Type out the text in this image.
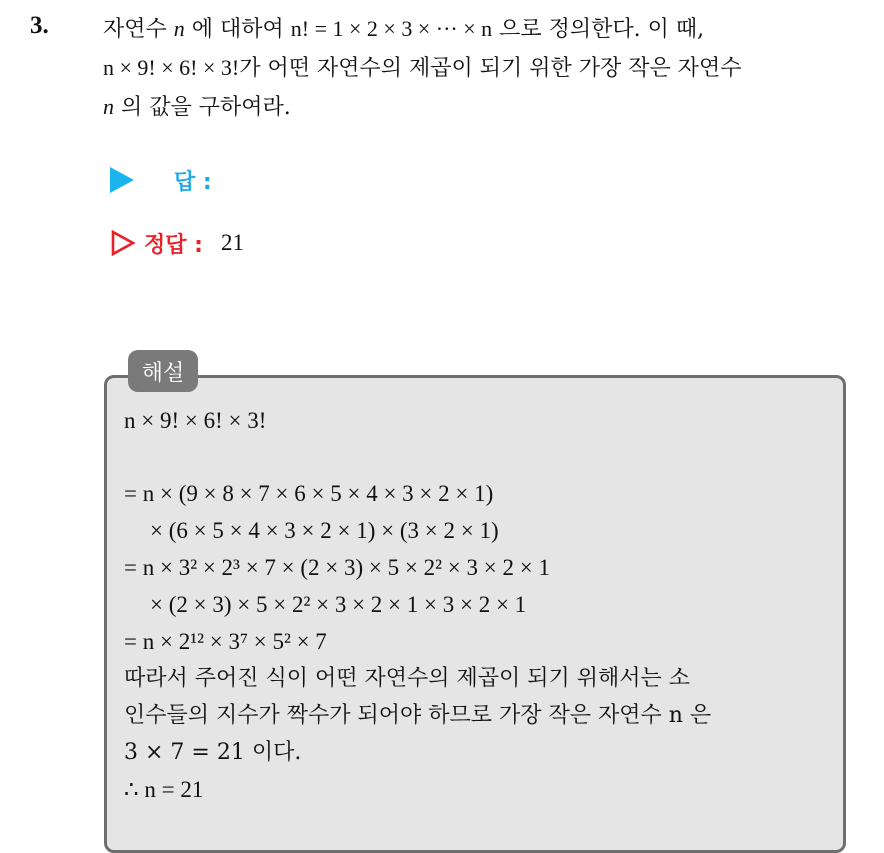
3. 자연수 n 에 대하여 n! = 1 × 2 × 3 × ··· × n 으로 정의한다. 이 때,
n × 9! × 6! × 3!가 어떤 자연수의 제곱이 되기 위한 가장 작은 자연수
n 의 값을 구하여라.
답 :
정답 : 21
해설
n × 9! × 6! × 3!
= n × (9 × 8 × 7 × 6 × 5 × 4 × 3 × 2 × 1)
× (6 × 5 × 4 × 3 × 2 × 1) × (3 × 2 × 1)
= n × 3² × 2³ × 7 × (2 × 3) × 5 × 2² × 3 × 2 × 1
× (2 × 3) × 5 × 2² × 3 × 2 × 1 × 3 × 2 × 1
= n × 2¹² × 3⁷ × 5² × 7
따라서 주어진 식이 어떤 자연수의 제곱이 되기 위해서는 소
인수들의 지수가 짝수가 되어야 하므로 가장 작은 자연수 n 은
3 × 7 = 21 이다.
∴ n = 21
